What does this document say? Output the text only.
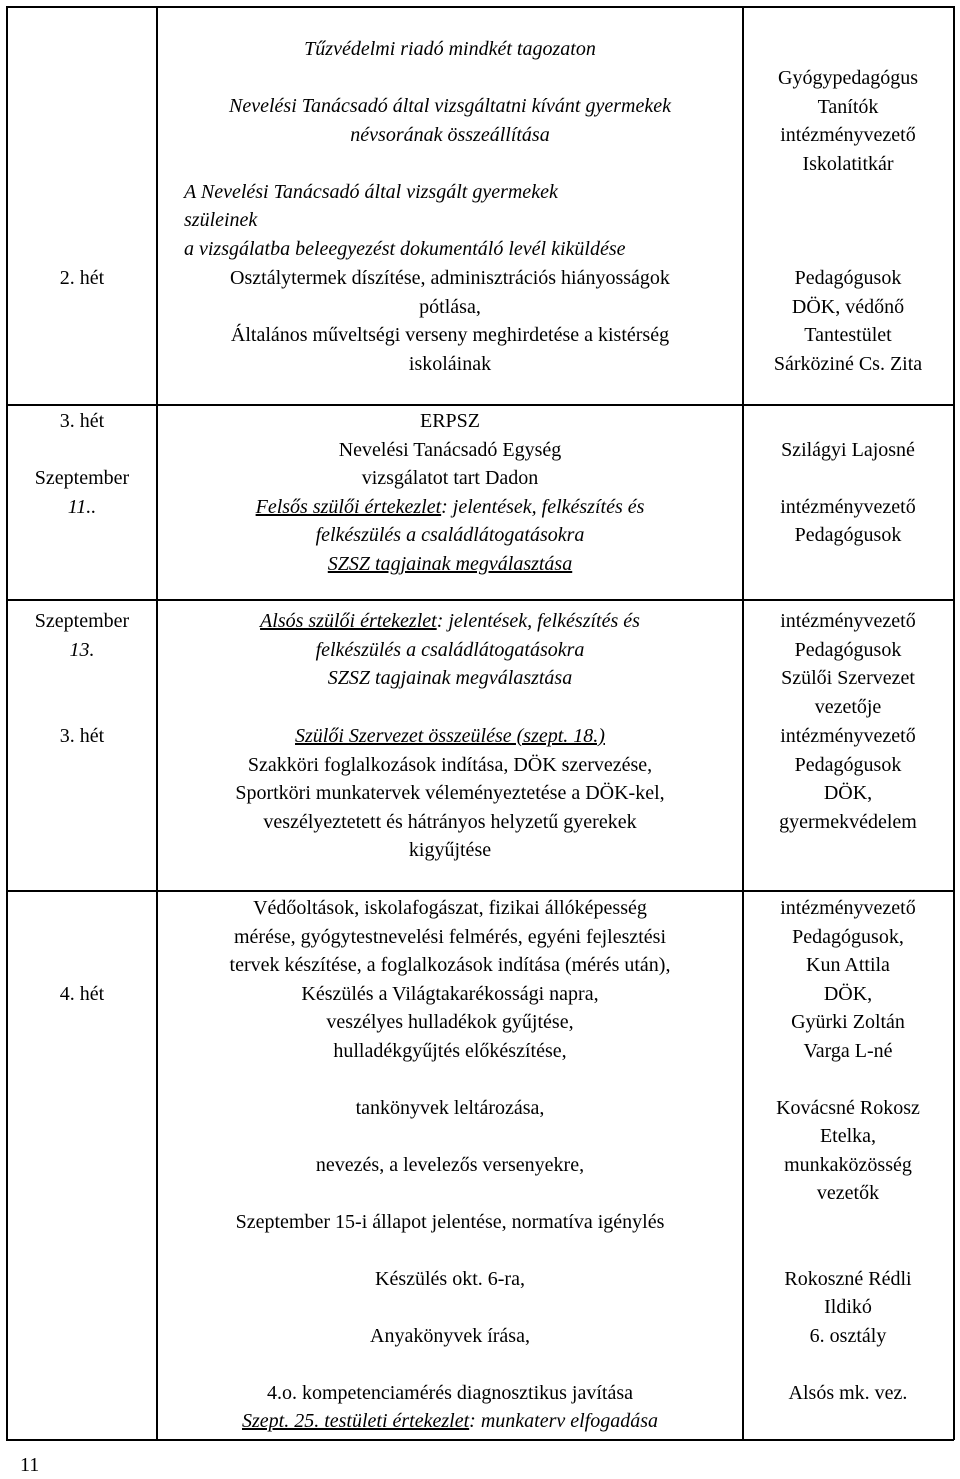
Tűzvédelmi riadó mindkét tagozaton
Nevelési Tanácsadó által vizsgáltatni kívánt gyermekek
névsorának összeállítása

A Nevelési Tanácsadó által vizsgált gyermekek
szüleinek
a vizsgálatba beleegyezést dokumentáló levél kiküldése
Gyógypedagógus
Tanítók
intézményvezető
Iskolatitkár
2. hét	Osztálytermek díszítése, adminisztrációs hiányosságok
pótlása,
Általános műveltségi verseny meghirdetése a kistérség
iskoláinak
Pedagógusok
DÖK, védőnő
Tantestület
Sárköziné Cs. Zita
3. hét

Szeptember
11..
ERPSZ
Nevelési Tanácsadó Egység
vizsgálatot tart Dadon
Felsős szülői értekezlet: jelentések, felkészítés és
felkészülés a családlátogatásokra
SZSZ tagjainak megválasztása

Szilágyi Lajosné

intézményvezető
Pedagógusok
Szeptember
13.
Alsós szülői értekezlet: jelentések, felkészítés és
felkészülés a családlátogatásokra
SZSZ tagjainak megválasztása
intézményvezető
Pedagógusok
Szülői Szervezet
vezetője
3. hét	Szülői Szervezet összeülése (szept. 18.)
Szakköri foglalkozások indítása, DÖK szervezése,
Sportköri munkatervek véleményeztetése a DÖK-kel,
veszélyeztetett és hátrányos helyzetű gyerekek
kigyűjtése
intézményvezető
Pedagógusok
DÖK,
gyermekvédelem
4. hét
Védőoltások, iskolafogászat, fizikai állóképesség
mérése, gyógytestnevelési felmérés, egyéni fejlesztési
tervek készítése, a foglalkozások indítása (mérés után),
Készülés a Világtakarékossági napra,
veszélyes hulladékok gyűjtése,
hulladékgyűjtés előkészítése,

tankönyvek leltározása,

nevezés, a levelezős versenyekre,

Szeptember 15-i állapot jelentése, normatíva igénylés

Készülés okt. 6-ra,

Anyakönyvek írása,

4.o. kompetenciamérés diagnosztikus javítása
Szept. 25. testületi értekezlet: munkaterv elfogadása
intézményvezető
Pedagógusok,
Kun Attila
DÖK,
Gyürki Zoltán
Varga L-né

Kovácsné Rokosz
Etelka,
munkaközösség
vezetők

Rokoszné Rédli
Ildikó
6. osztály

Alsós mk. vez.
11
